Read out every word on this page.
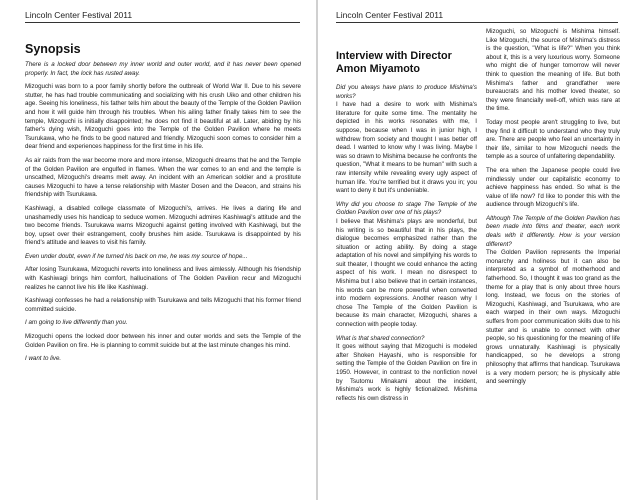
Lincoln Center Festival 2011
Synopsis

There is a locked door between my inner world and outer world, and it has never been opened properly. In fact, the lock has rusted away.

Mizoguchi was born to a poor family shortly before the outbreak of World War II. Due to his severe stutter, he has had trouble communicating and socializing with his crush Uiko and other children his age. Seeing his loneliness, his father tells him about the beauty of the Temple of the Golden Pavilion and how it will guide him through his troubles. When his ailing father finally takes him to see the temple, Mizoguchi is initially disappointed; he does not find it beautiful at all. Later, abiding by his father's dying wish, Mizoguchi goes into the Temple of the Golden Pavilion where he meets Tsurukawa, who he finds to be good natured and friendly. Mizoguchi soon comes to consider him a dear friend and experiences happiness for the first time in his life.

As air raids from the war become more and more intense, Mizoguchi dreams that he and the Temple of the Golden Pavilion are engulfed in flames. When the war comes to an end and the temple is unscathed, Mizoguchi's dreams melt away. An incident with an American soldier and a prostitute causes Mizoguchi to have a tense relationship with Master Dosen and the Deacon, and strains his friendship with Tsurukawa.

Kashiwagi, a disabled college classmate of Mizoguchi's, arrives. He lives a daring life and unashamedly uses his handicap to seduce women. Mizoguchi admires Kashiwagi's attitude and the two become friends. Tsurukawa warns Mizoguchi against getting involved with Kashiwagi, but the boy, upset over their estrangement, coolly brushes him aside. Tsurukawa is disappointed by his friend's attitude and leaves to visit his family.

Even under doubt, even if he turned his back on me, he was my source of hope...

After losing Tsurukawa, Mizoguchi reverts into loneliness and lives aimlessly. Although his friendship with Kashiwagi brings him comfort, hallucinations of The Golden Pavilion recur and Mizoguchi realizes he cannot live his life like Kashiwagi.

Kashiwagi confesses he had a relationship with Tsurukawa and tells Mizoguchi that his former friend committed suicide.

I am going to live differently than you.

Mizoguchi opens the locked door between his inner and outer worlds and sets the Temple of the Golden Pavilion on fire. He is planning to commit suicide but at the last minute changes his mind.

I want to live.

Lincoln Center Festival 2011
Interview with Director Amon Miyamoto

Did you always have plans to produce Mishima's works?
I have had a desire to work with Mishima's literature for quite some time. The mentality he depicted in his works resonates with me, I suppose, because when I was in junior high, I withdrew from society and thought I was better off dead. I wanted to know why I was living. Maybe I was so drawn to Mishima because he confronts the question, "What it means to be human" with such a raw intensity while revealing every ugly aspect of human life. You're terrified but it draws you in; you want to deny it but it's undeniable.

Why did you choose to stage The Temple of the Golden Pavilion over one of his plays?
I believe that Mishima's plays are wonderful, but his writing is so beautiful that in his plays, the dialogue becomes emphasized rather than the situation or acting ability. By doing a stage adaptation of his novel and simplifying his words to suit theater, I thought we could enhance the acting aspect of his work. I mean no disrespect to Mishima but I also believe that in certain instances, his words can be more powerful when converted into modern expressions. Another reason why I chose The Temple of the Golden Pavilion is because its main character, Mizoguchi, shares a connection with people today.

What is that shared connection?
It goes without saying that Mizoguchi is modeled after Shoken Hayashi, who is responsible for setting the Temple of the Golden Pavilion on fire in 1950. However, in contrast to the nonfiction novel by Tsutomu Minakami about the incident, Mishima's work is highly fictionalized. Mishima reflects his own distress in

Mizoguchi, so Mizoguchi is Mishima himself. Like Mizoguchi, the source of Mishima's distress is the question, "What is life?" When you think about it, this is a very luxurious worry. Someone who might die of hunger tomorrow will never think to question the meaning of life. But both Mishima's father and grandfather were bureaucrats and his mother loved theater, so they were financially well-off, which was rare at the time.

Today most people aren't struggling to live, but they find it difficult to understand who they truly are. There are people who feel an uncertainty in their life, similar to how Mizoguchi needs the temple as a source of unfaltering dependability.

The era when the Japanese people could live mindlessly under our capitalistic economy to achieve happiness has ended. So what is the value of life now? I'd like to ponder this with the audience through Mizoguchi's life.

Although The Temple of the Golden Pavilion has been made into films and theater, each work deals with it differently. How is your version different?
The Golden Pavilion represents the Imperial monarchy and holiness but it can also be interpreted as a symbol of motherhood and fatherhood. So, I thought it was too grand as the theme for a play that is only about three hours long. Instead, we focus on the stories of Mizoguchi, Kashiwagi, and Tsurukawa, who are each warped in their own ways. Mizoguchi suffers from poor communication skills due to his stutter and is unable to connect with other people, so his questioning for the meaning of life grows unnaturally. Kashiwagi is physically handicapped, so he develops a strong philosophy that affirms that handicap. Tsurukawa is a very modern person; he is physically able and seemingly
